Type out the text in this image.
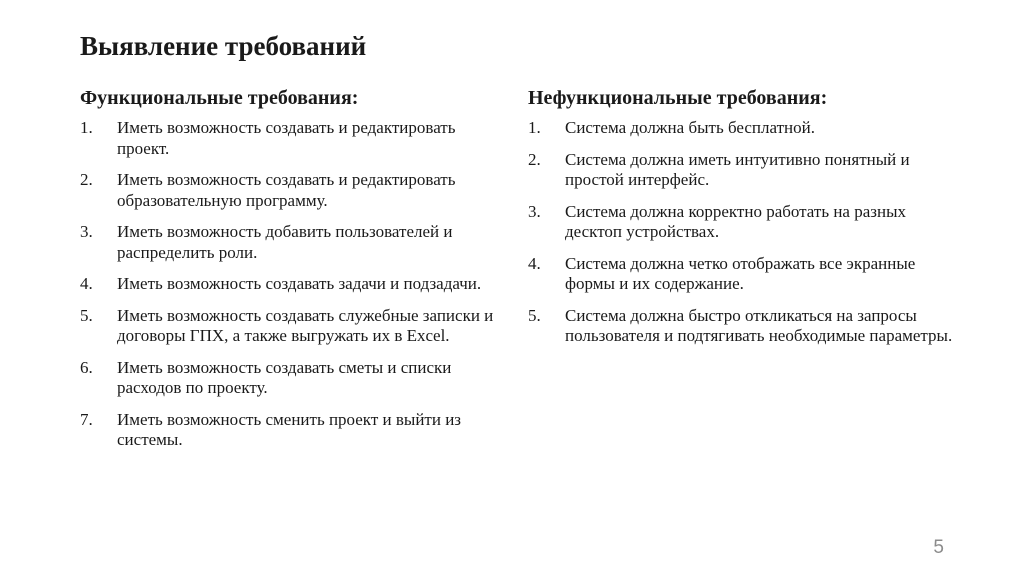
Выявление требований
Функциональные требования:
1.	Иметь возможность создавать и редактировать проект.
2.	Иметь возможность создавать и редактировать образовательную программу.
3.	Иметь возможность добавить пользователей и распределить роли.
4.	Иметь возможность создавать задачи и подзадачи.
5.	Иметь возможность создавать служебные записки и договоры ГПХ, а также выгружать их в Excel.
6.	Иметь возможность создавать сметы и списки расходов по проекту.
7.	Иметь возможность сменить проект и выйти из системы.
Нефункциональные требования:
1.	Система должна быть бесплатной.
2.	Система должна иметь интуитивно понятный и простой интерфейс.
3.	Система должна корректно работать на разных десктоп устройствах.
4.	Система должна четко отображать все экранные формы и их содержание.
5.	Система должна быстро откликаться на запросы пользователя и подтягивать необходимые параметры.
5
